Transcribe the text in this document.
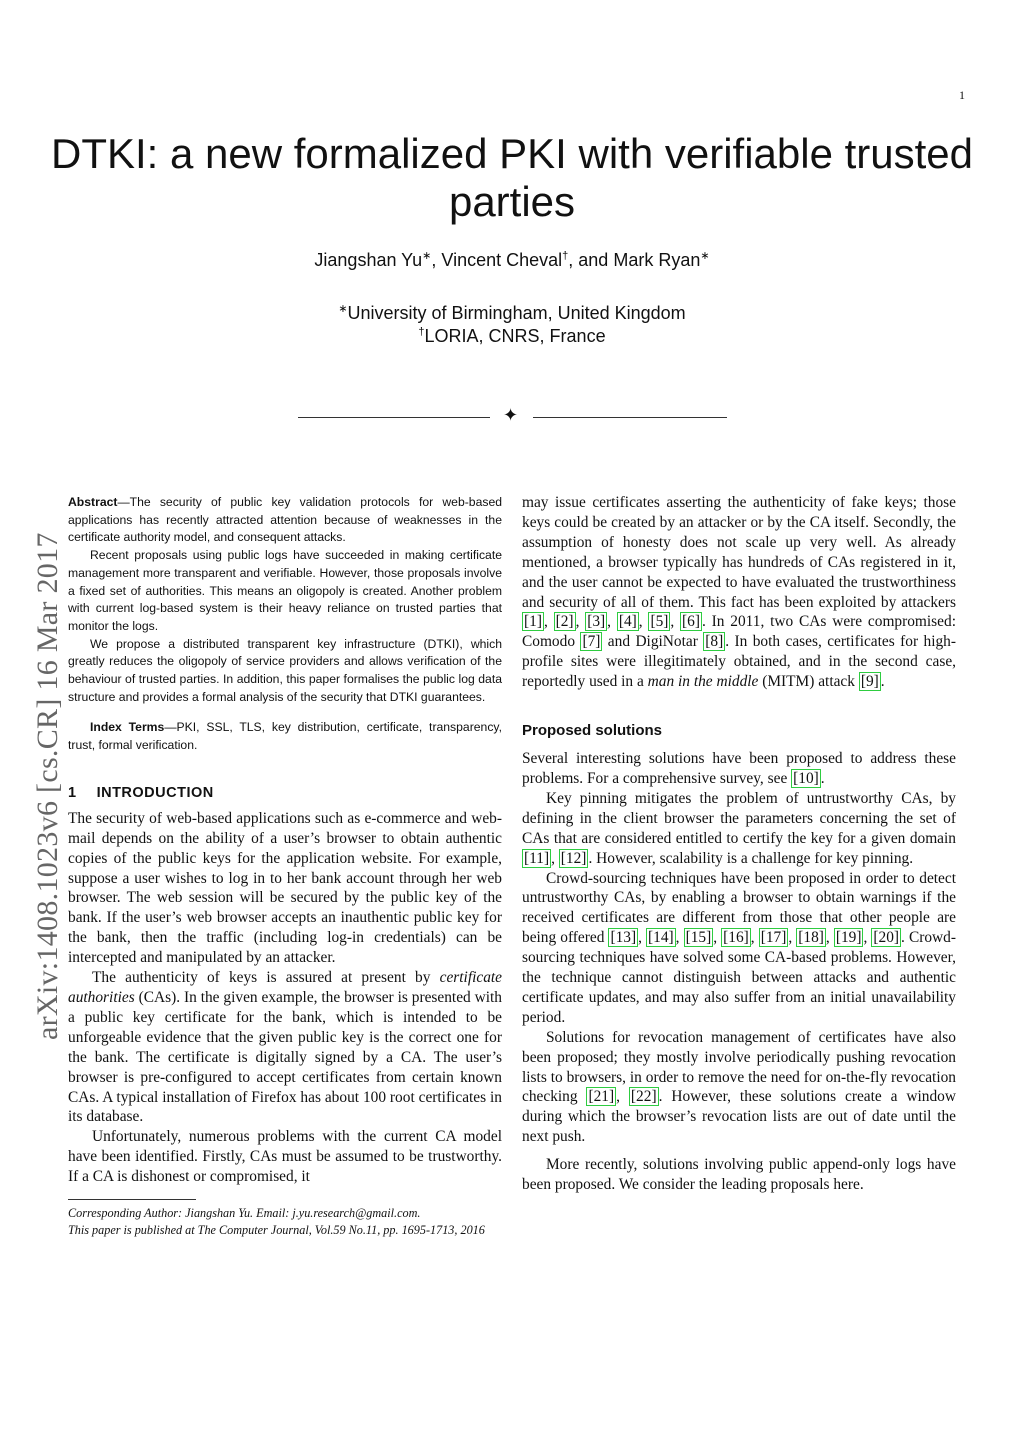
1
arXiv:1408.1023v6 [cs.CR] 16 Mar 2017
DTKI: a new formalized PKI with verifiable trusted parties
Jiangshan Yu∗, Vincent Cheval†, and Mark Ryan∗
∗University of Birmingham, United Kingdom
†LORIA, CNRS, France
✦

Abstract—The security of public key validation protocols for web-based applications has recently attracted attention because of weaknesses in the certificate authority model, and consequent attacks.

Recent proposals using public logs have succeeded in making certificate management more transparent and verifiable. However, those proposals involve a fixed set of authorities. This means an oligopoly is created. Another problem with current log-based system is their heavy reliance on trusted parties that monitor the logs.

We propose a distributed transparent key infrastructure (DTKI), which greatly reduces the oligopoly of service providers and allows verification of the behaviour of trusted parties. In addition, this paper formalises the public log data structure and provides a formal analysis of the security that DTKI guarantees.

Index Terms—PKI, SSL, TLS, key distribution, certificate, transparency, trust, formal verification.

1 INTRODUCTION

The security of web-based applications such as e-commerce and web-mail depends on the ability of a user’s browser to obtain authentic copies of the public keys for the application website. For example, suppose a user wishes to log in to her bank account through her web browser. The web session will be secured by the public key of the bank. If the user’s web browser accepts an inauthentic public key for the bank, then the traffic (including log-in credentials) can be intercepted and manipulated by an attacker.

The authenticity of keys is assured at present by certificate authorities (CAs). In the given example, the browser is presented with a public key certificate for the bank, which is intended to be unforgeable evidence that the given public key is the correct one for the bank. The certificate is digitally signed by a CA. The user’s browser is pre-configured to accept certificates from certain known CAs. A typical installation of Firefox has about 100 root certificates in its database.

Unfortunately, numerous problems with the current CA model have been identified. Firstly, CAs must be assumed to be trustworthy. If a CA is dishonest or compromised, it

Corresponding Author: Jiangshan Yu. Email: j.yu.research@gmail.com.

This paper is published at The Computer Journal, Vol.59 No.11, pp. 1695-1713, 2016

may issue certificates asserting the authenticity of fake keys; those keys could be created by an attacker or by the CA itself. Secondly, the assumption of honesty does not scale up very well. As already mentioned, a browser typically has hundreds of CAs registered in it, and the user cannot be expected to have evaluated the trustworthiness and security of all of them. This fact has been exploited by attackers [1] , [2] , [3] , [4] , [5] , [6] . In 2011, two CAs were compromised: Comodo [7] and DigiNotar [8] . In both cases, certificates for high-profile sites were illegitimately obtained, and in the second case, reportedly used in a man in the middle (MITM) attack [9] .

Proposed solutions

Several interesting solutions have been proposed to address these problems. For a comprehensive survey, see [10] .

Key pinning mitigates the problem of untrustworthy CAs, by defining in the client browser the parameters concerning the set of CAs that are considered entitled to certify the key for a given domain [11] , [12] . However, scalability is a challenge for key pinning.

Crowd-sourcing techniques have been proposed in order to detect untrustworthy CAs, by enabling a browser to obtain warnings if the received certificates are different from those that other people are being offered [13] , [14] , [15] , [16] , [17] , [18] , [19] , [20] . Crowd-sourcing techniques have solved some CA-based problems. However, the technique cannot distinguish between attacks and authentic certificate updates, and may also suffer from an initial unavailability period.

Solutions for revocation management of certificates have also been proposed; they mostly involve periodically pushing revocation lists to browsers, in order to remove the need for on-the-fly revocation checking [21] , [22] . However, these solutions create a window during which the browser’s revocation lists are out of date until the next push.

More recently, solutions involving public append-only logs have been proposed. We consider the leading proposals here.
